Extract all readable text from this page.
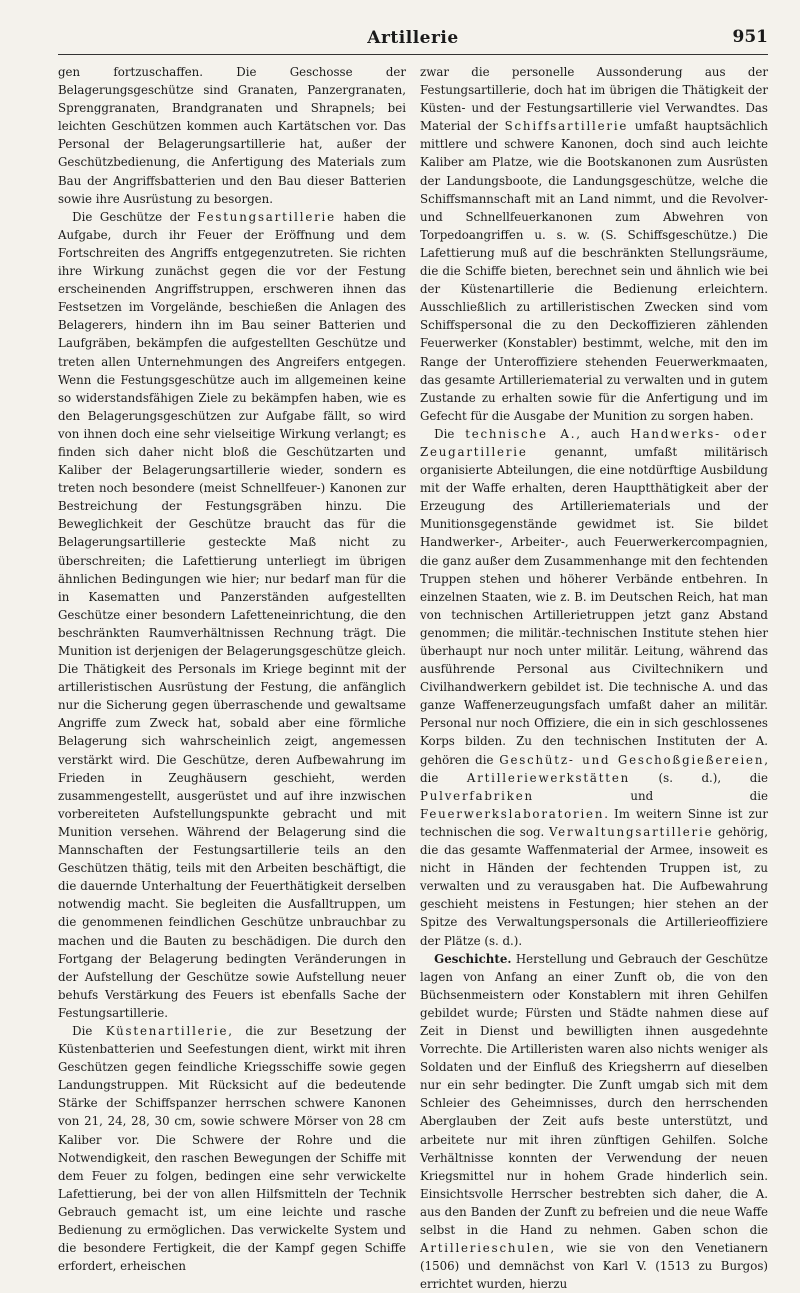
Artillerie	951

gen fortzuschaffen. Die Geschosse der Belagerungsgeschütze sind Granaten, Panzergranaten, Sprenggranaten, Brandgranaten und Shrapnels; bei leichten Geschützen kommen auch Kartätschen vor. Das Personal der Belagerungsartillerie hat, außer der Geschützbedienung, die Anfertigung des Materials zum Bau der Angriffsbatterien und den Bau dieser Batterien sowie ihre Ausrüstung zu besorgen.

Die Geschütze der Festungsartillerie haben die Aufgabe, durch ihr Feuer der Eröffnung und dem Fortschreiten des Angriffs entgegenzutreten. Sie richten ihre Wirkung zunächst gegen die vor der Festung erscheinenden Angriffstruppen, erschweren ihnen das Festsetzen im Vorgelände, beschießen die Anlagen des Belagerers, hindern ihn im Bau seiner Batterien und Laufgräben, bekämpfen die aufgestellten Geschütze und treten allen Unternehmungen des Angreifers entgegen. Wenn die Festungsgeschütze auch im allgemeinen keine so widerstandsfähigen Ziele zu bekämpfen haben, wie es den Belagerungsgeschützen zur Aufgabe fällt, so wird von ihnen doch eine sehr vielseitige Wirkung verlangt; es finden sich daher nicht bloß die Geschützarten und Kaliber der Belagerungsartillerie wieder, sondern es treten noch besondere (meist Schnellfeuer-) Kanonen zur Bestreichung der Festungsgräben hinzu. Die Beweglichkeit der Geschütze braucht das für die Belagerungsartillerie gesteckte Maß nicht zu überschreiten; die Lafettierung unterliegt im übrigen ähnlichen Bedingungen wie hier; nur bedarf man für die in Kasematten und Panzerständen aufgestellten Geschütze einer besondern Lafetteneinrichtung, die den beschränkten Raumverhältnissen Rechnung trägt. Die Munition ist derjenigen der Belagerungsgeschütze gleich. Die Thätigkeit des Personals im Kriege beginnt mit der artilleristischen Ausrüstung der Festung, die anfänglich nur die Sicherung gegen überraschende und gewaltsame Angriffe zum Zweck hat, sobald aber eine förmliche Belagerung sich wahrscheinlich zeigt, angemessen verstärkt wird. Die Geschütze, deren Aufbewahrung im Frieden in Zeughäusern geschieht, werden zusammengestellt, ausgerüstet und auf ihre inzwischen vorbereiteten Aufstellungspunkte gebracht und mit Munition versehen. Während der Belagerung sind die Mannschaften der Festungsartillerie teils an den Geschützen thätig, teils mit den Arbeiten beschäftigt, die die dauernde Unterhaltung der Feuerthätigkeit derselben notwendig macht. Sie begleiten die Ausfalltruppen, um die genommenen feindlichen Geschütze unbrauchbar zu machen und die Bauten zu beschädigen. Die durch den Fortgang der Belagerung bedingten Veränderungen in der Aufstellung der Geschütze sowie Aufstellung neuer behufs Verstärkung des Feuers ist ebenfalls Sache der Festungsartillerie.

Die Küstenartillerie, die zur Besetzung der Küstenbatterien und Seefestungen dient, wirkt mit ihren Geschützen gegen feindliche Kriegsschiffe sowie gegen Landungstruppen. Mit Rücksicht auf die bedeutende Stärke der Schiffspanzer herrschen schwere Kanonen von 21, 24, 28, 30 cm, sowie schwere Mörser von 28 cm Kaliber vor. Die Schwere der Rohre und die Notwendigkeit, den raschen Bewegungen der Schiffe mit dem Feuer zu folgen, bedingen eine sehr verwickelte Lafettierung, bei der von allen Hilfsmitteln der Technik Gebrauch gemacht ist, um eine leichte und rasche Bedienung zu ermöglichen. Das verwickelte System und die besondere Fertigkeit, die der Kampf gegen Schiffe erfordert, erheischen

zwar die personelle Aussonderung aus der Festungsartillerie, doch hat im übrigen die Thätigkeit der Küsten- und der Festungsartillerie viel Verwandtes. Das Material der Schiffsartillerie umfaßt hauptsächlich mittlere und schwere Kanonen, doch sind auch leichte Kaliber am Platze, wie die Bootskanonen zum Ausrüsten der Landungsboote, die Landungsgeschütze, welche die Schiffsmannschaft mit an Land nimmt, und die Revolver- und Schnellfeuerkanonen zum Abwehren von Torpedoangriffen u. s. w. (S. Schiffsgeschütze.) Die Lafettierung muß auf die beschränkten Stellungsräume, die die Schiffe bieten, berechnet sein und ähnlich wie bei der Küstenartillerie die Bedienung erleichtern. Ausschließlich zu artilleristischen Zwecken sind vom Schiffspersonal die zu den Deckoffizieren zählenden Feuerwerker (Konstabler) bestimmt, welche, mit den im Range der Unteroffiziere stehenden Feuerwerkmaaten, das gesamte Artilleriematerial zu verwalten und in gutem Zustande zu erhalten sowie für die Anfertigung und im Gefecht für die Ausgabe der Munition zu sorgen haben.

Die technische A., auch Handwerks- oder Zeugartillerie genannt, umfaßt militärisch organisierte Abteilungen, die eine notdürftige Ausbildung mit der Waffe erhalten, deren Hauptthätigkeit aber der Erzeugung des Artilleriematerials und der Munitionsgegenstände gewidmet ist. Sie bildet Handwerker-, Arbeiter-, auch Feuerwerkercompagnien, die ganz außer dem Zusammenhange mit den fechtenden Truppen stehen und höherer Verbände entbehren. In einzelnen Staaten, wie z. B. im Deutschen Reich, hat man von technischen Artillerietruppen jetzt ganz Abstand genommen; die militär.-technischen Institute stehen hier überhaupt nur noch unter militär. Leitung, während das ausführende Personal aus Civiltechnikern und Civilhandwerkern gebildet ist. Die technische A. und das ganze Waffenerzeugungsfach umfaßt daher an militär. Personal nur noch Offiziere, die ein in sich geschlossenes Korps bilden. Zu den technischen Instituten der A. gehören die Geschütz- und Geschoßgießereien, die Artilleriewerkstätten (s. d.), die Pulverfabriken und die Feuerwerkslaboratorien. Im weitern Sinne ist zur technischen die sog. Verwaltungsartillerie gehörig, die das gesamte Waffenmaterial der Armee, insoweit es nicht in Händen der fechtenden Truppen ist, zu verwalten und zu verausgaben hat. Die Aufbewahrung geschieht meistens in Festungen; hier stehen an der Spitze des Verwaltungspersonals die Artillerieoffiziere der Plätze (s. d.).

Geschichte. Herstellung und Gebrauch der Geschütze lagen von Anfang an einer Zunft ob, die von den Büchsenmeistern oder Konstablern mit ihren Gehilfen gebildet wurde; Fürsten und Städte nahmen diese auf Zeit in Dienst und bewilligten ihnen ausgedehnte Vorrechte. Die Artilleristen waren also nichts weniger als Soldaten und der Einfluß des Kriegsherrn auf dieselben nur ein sehr bedingter. Die Zunft umgab sich mit dem Schleier des Geheimnisses, durch den herrschenden Aberglauben der Zeit aufs beste unterstützt, und arbeitete nur mit ihren zünftigen Gehilfen. Solche Verhältnisse konnten der Verwendung der neuen Kriegsmittel nur in hohem Grade hinderlich sein. Einsichtsvolle Herrscher bestrebten sich daher, die A. aus den Banden der Zunft zu befreien und die neue Waffe selbst in die Hand zu nehmen. Gaben schon die Artillerieschulen, wie sie von den Venetianern (1506) und demnächst von Karl V. (1513 zu Burgos) errichtet wurden, hierzu
